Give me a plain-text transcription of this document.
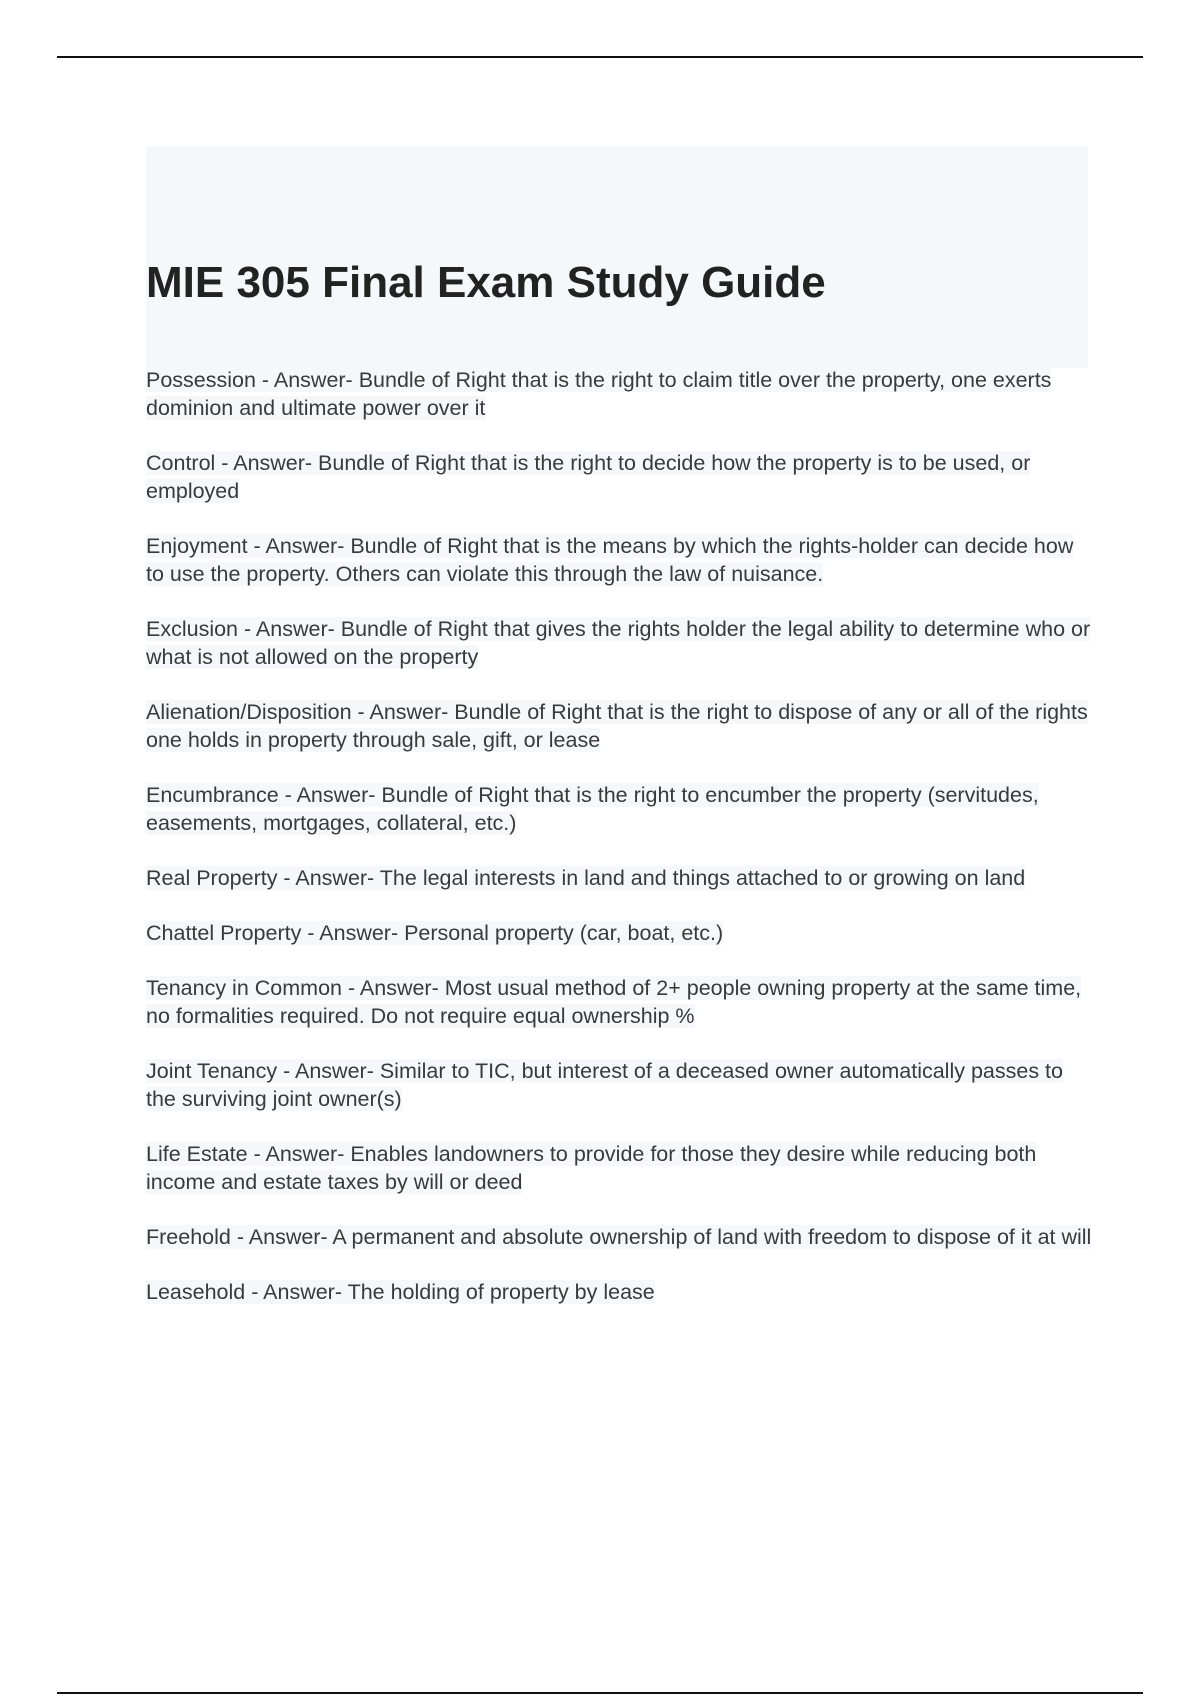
MIE 305 Final Exam Study Guide

Possession - Answer- Bundle of Right that is the right to claim title over the property, one exerts dominion and ultimate power over it

Control - Answer- Bundle of Right that is the right to decide how the property is to be used, or employed

Enjoyment - Answer- Bundle of Right that is the means by which the rights-holder can decide how to use the property. Others can violate this through the law of nuisance.

Exclusion - Answer- Bundle of Right that gives the rights holder the legal ability to determine who or what is not allowed on the property

Alienation/Disposition - Answer- Bundle of Right that is the right to dispose of any or all of the rights one holds in property through sale, gift, or lease

Encumbrance - Answer- Bundle of Right that is the right to encumber the property (servitudes, easements, mortgages, collateral, etc.)

Real Property - Answer- The legal interests in land and things attached to or growing on land

Chattel Property - Answer- Personal property (car, boat, etc.)

Tenancy in Common - Answer- Most usual method of 2+ people owning property at the same time, no formalities required. Do not require equal ownership %

Joint Tenancy - Answer- Similar to TIC, but interest of a deceased owner automatically passes to the surviving joint owner(s)

Life Estate - Answer- Enables landowners to provide for those they desire while reducing both income and estate taxes by will or deed

Freehold - Answer- A permanent and absolute ownership of land with freedom to dispose of it at will

Leasehold - Answer- The holding of property by lease
